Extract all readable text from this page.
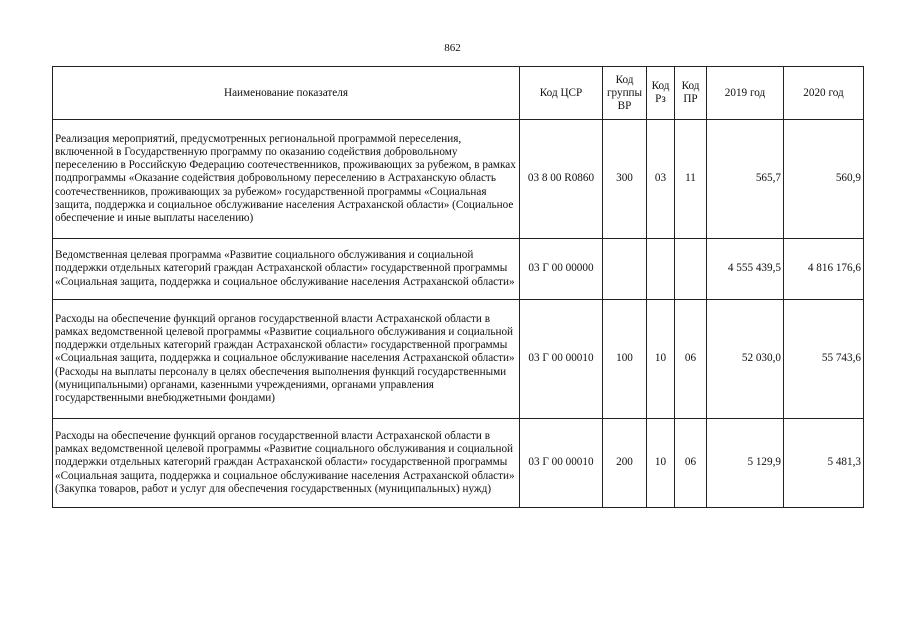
862
Наименование показателя	Код ЦСР	Код группы ВР	Код Рз	Код ПР	2019 год	2020 год
Реализация мероприятий, предусмотренных региональной программой переселения, включенной в Государственную программу по оказанию содействия добровольному переселению в Российскую Федерацию соотечественников, проживающих за рубежом, в рамках подпрограммы «Оказание содействия добровольному переселению в Астраханскую область соотечественников, проживающих за рубежом» государственной программы «Социальная защита, поддержка и социальное обслуживание населения Астраханской области» (Социальное обеспечение и иные выплаты населению)	03 8 00 R0860	300	03	11	565,7	560,9
Ведомственная целевая программа «Развитие социального обслуживания и социальной поддержки отдельных категорий граждан Астраханской области» государственной программы «Социальная защита, поддержка и социальное обслуживание населения Астраханской области»	03 Г 00 00000				4 555 439,5	4 816 176,6
Расходы на обеспечение функций органов государственной власти Астраханской области в рамках ведомственной целевой программы «Развитие социального обслуживания и социальной поддержки отдельных категорий граждан Астраханской области» государственной программы «Социальная защита, поддержка и социальное обслуживание населения Астраханской области» (Расходы на выплаты персоналу в целях обеспечения выполнения функций государственными (муниципальными) органами, казенными учреждениями, органами управления государственными внебюджетными фондами)	03 Г 00 00010	100	10	06	52 030,0	55 743,6
Расходы на обеспечение функций органов государственной власти Астраханской области в рамках ведомственной целевой программы «Развитие социального обслуживания и социальной поддержки отдельных категорий граждан Астраханской области» государственной программы «Социальная защита, поддержка и социальное обслуживание населения Астраханской области» (Закупка товаров, работ и услуг для обеспечения государственных (муниципальных) нужд)	03 Г 00 00010	200	10	06	5 129,9	5 481,3
